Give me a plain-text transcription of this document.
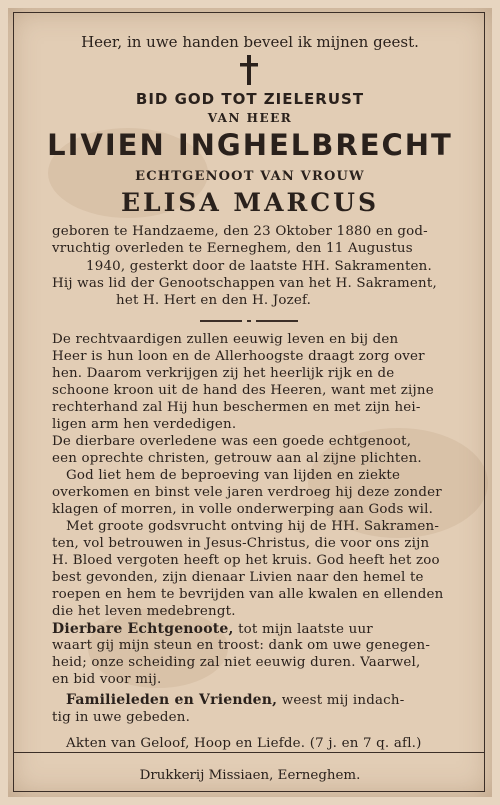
Heer, in uwe handen beveel ik mijnen geest.
BID GOD TOT ZIELERUST
VAN HEER
LIVIEN INGHELBRECHT
ECHTGENOOT VAN VROUW
ELISA MARCUS
geboren te Handzaeme, den 23 Oktober 1880 en god-
vruchtig overleden te Eerneghem, den 11 Augustus
1940, gesterkt door de laatste HH. Sakramenten.
Hij was lid der Genootschappen van het H. Sakrament,
het H. Hert en den H. Jozef.
De rechtvaardigen zullen eeuwig leven en bij den
Heer is hun loon en de Allerhoogste draagt zorg over
hen. Daarom verkrijgen zij het heerlijk rijk en de
schoone kroon uit de hand des Heeren, want met zijne
rechterhand zal Hij hun beschermen en met zijn hei-
ligen arm hen verdedigen.
De dierbare overledene was een goede echtgenoot,
een oprechte christen, getrouw aan al zijne plichten.
God liet hem de beproeving van lijden en ziekte
overkomen en binst vele jaren verdroeg hij deze zonder
klagen of morren, in volle onderwerping aan Gods wil.
Met groote godsvrucht ontving hij de HH. Sakramen-
ten, vol betrouwen in Jesus-Christus, die voor ons zijn
H. Bloed vergoten heeft op het kruis. God heeft het zoo
best gevonden, zijn dienaar Livien naar den hemel te
roepen en hem te bevrijden van alle kwalen en ellenden
die het leven medebrengt.
Dierbare Echtgenoote, tot mijn laatste uur
waart gij mijn steun en troost: dank om uwe genegen-
heid; onze scheiding zal niet eeuwig duren. Vaarwel,
en bid voor mij.
Familieleden en Vrienden, weest mij indach-
tig in uwe gebeden.
Akten van Geloof, Hoop en Liefde. (7 j. en 7 q. afl.)
Drukkerij Missiaen, Eerneghem.
